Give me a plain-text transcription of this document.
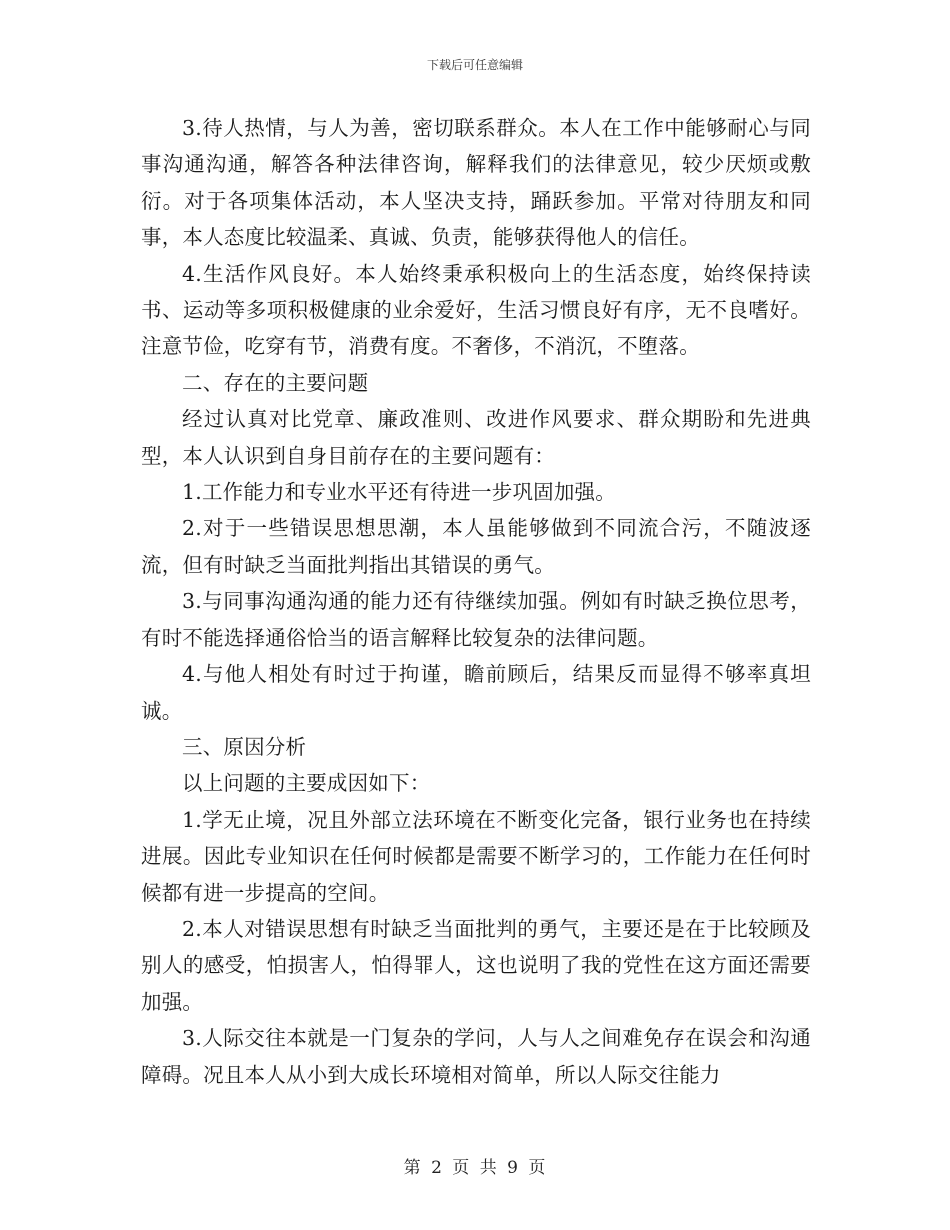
下载后可任意编辑

3.待人热情，与人为善，密切联系群众。本人在工作中能够耐心与同事沟通沟通，解答各种法律咨询，解释我们的法律意见，较少厌烦或敷衍。对于各项集体活动，本人坚决支持，踊跃参加。平常对待朋友和同事，本人态度比较温柔、真诚、负责，能够获得他人的信任。

4.生活作风良好。本人始终秉承积极向上的生活态度，始终保持读书、运动等多项积极健康的业余爱好，生活习惯良好有序，无不良嗜好。注意节俭，吃穿有节，消费有度。不奢侈，不消沉，不堕落。

二、存在的主要问题

经过认真对比党章、廉政准则、改进作风要求、群众期盼和先进典型，本人认识到自身目前存在的主要问题有：

1.工作能力和专业水平还有待进一步巩固加强。

2.对于一些错误思想思潮，本人虽能够做到不同流合污，不随波逐流，但有时缺乏当面批判指出其错误的勇气。

3.与同事沟通沟通的能力还有待继续加强。例如有时缺乏换位思考，有时不能选择通俗恰当的语言解释比较复杂的法律问题。

4.与他人相处有时过于拘谨，瞻前顾后，结果反而显得不够率真坦诚。

三、原因分析

以上问题的主要成因如下：

1.学无止境，况且外部立法环境在不断变化完备，银行业务也在持续进展。因此专业知识在任何时候都是需要不断学习的，工作能力在任何时候都有进一步提高的空间。

2.本人对错误思想有时缺乏当面批判的勇气，主要还是在于比较顾及别人的感受，怕损害人，怕得罪人，这也说明了我的党性在这方面还需要加强。

3.人际交往本就是一门复杂的学问，人与人之间难免存在误会和沟通障碍。况且本人从小到大成长环境相对简单，所以人际交往能力

第 2 页 共 9 页
